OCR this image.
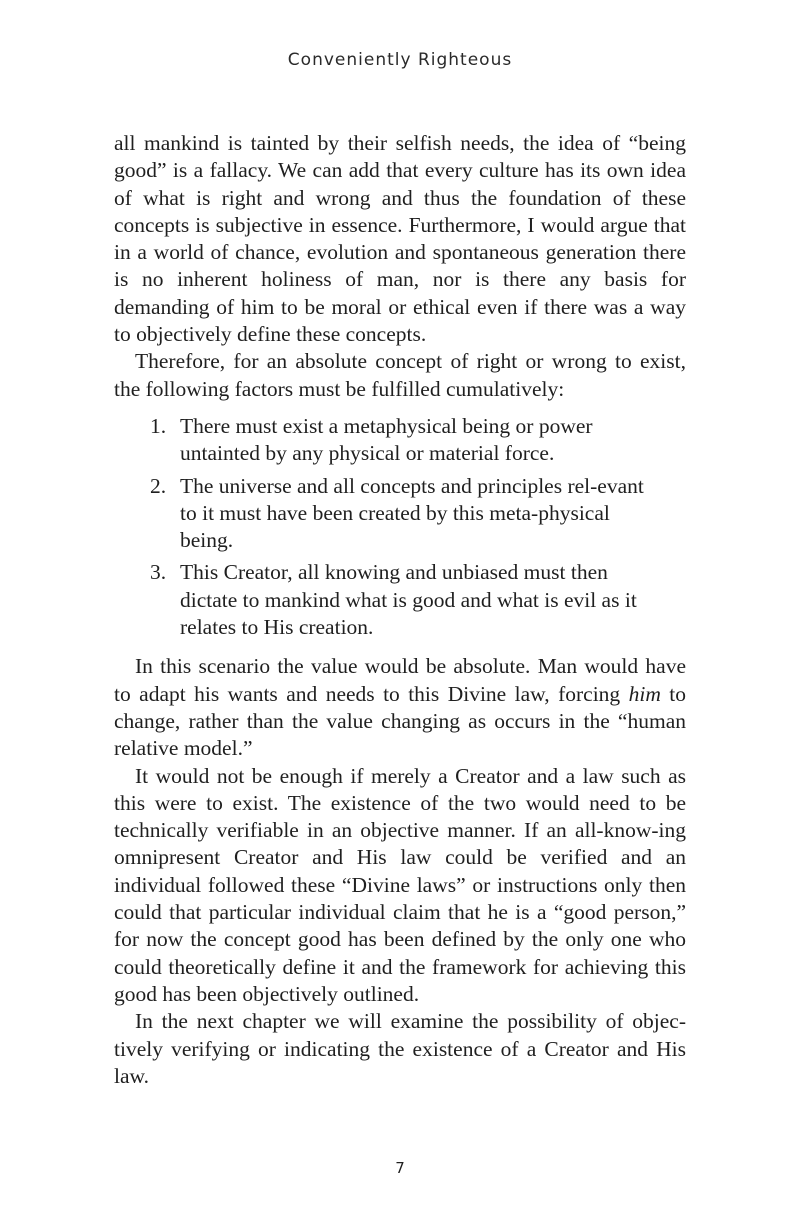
Conveniently Righteous

all mankind is tainted by their selfish needs, the idea of “being good” is a fallacy. We can add that every culture has its own idea of what is right and wrong and thus the foundation of these concepts is subjective in essence. Furthermore, I would argue that in a world of chance, evolution and spontaneous generation there is no inherent holiness of man, nor is there any basis for demanding of him to be moral or ethical even if there was a way to objectively define these concepts.

Therefore, for an absolute concept of right or wrong to exist, the following factors must be fulfilled cumulatively:

1. There must exist a metaphysical being or power untainted by any physical or material force.
2. The universe and all concepts and principles rel-evant to it must have been created by this meta-physical being.
3. This Creator, all knowing and unbiased must then dictate to mankind what is good and what is evil as it relates to His creation.

In this scenario the value would be absolute. Man would have to adapt his wants and needs to this Divine law, forcing him to change, rather than the value changing as occurs in the “human relative model.”

It would not be enough if merely a Creator and a law such as this were to exist. The existence of the two would need to be technically verifiable in an objective manner. If an all-know-ing omnipresent Creator and His law could be verified and an individual followed these “Divine laws” or instructions only then could that particular individual claim that he is a “good person,” for now the concept good has been defined by the only one who could theoretically define it and the framework for achieving this good has been objectively outlined.

In the next chapter we will examine the possibility of objec-tively verifying or indicating the existence of a Creator and His law.

7
